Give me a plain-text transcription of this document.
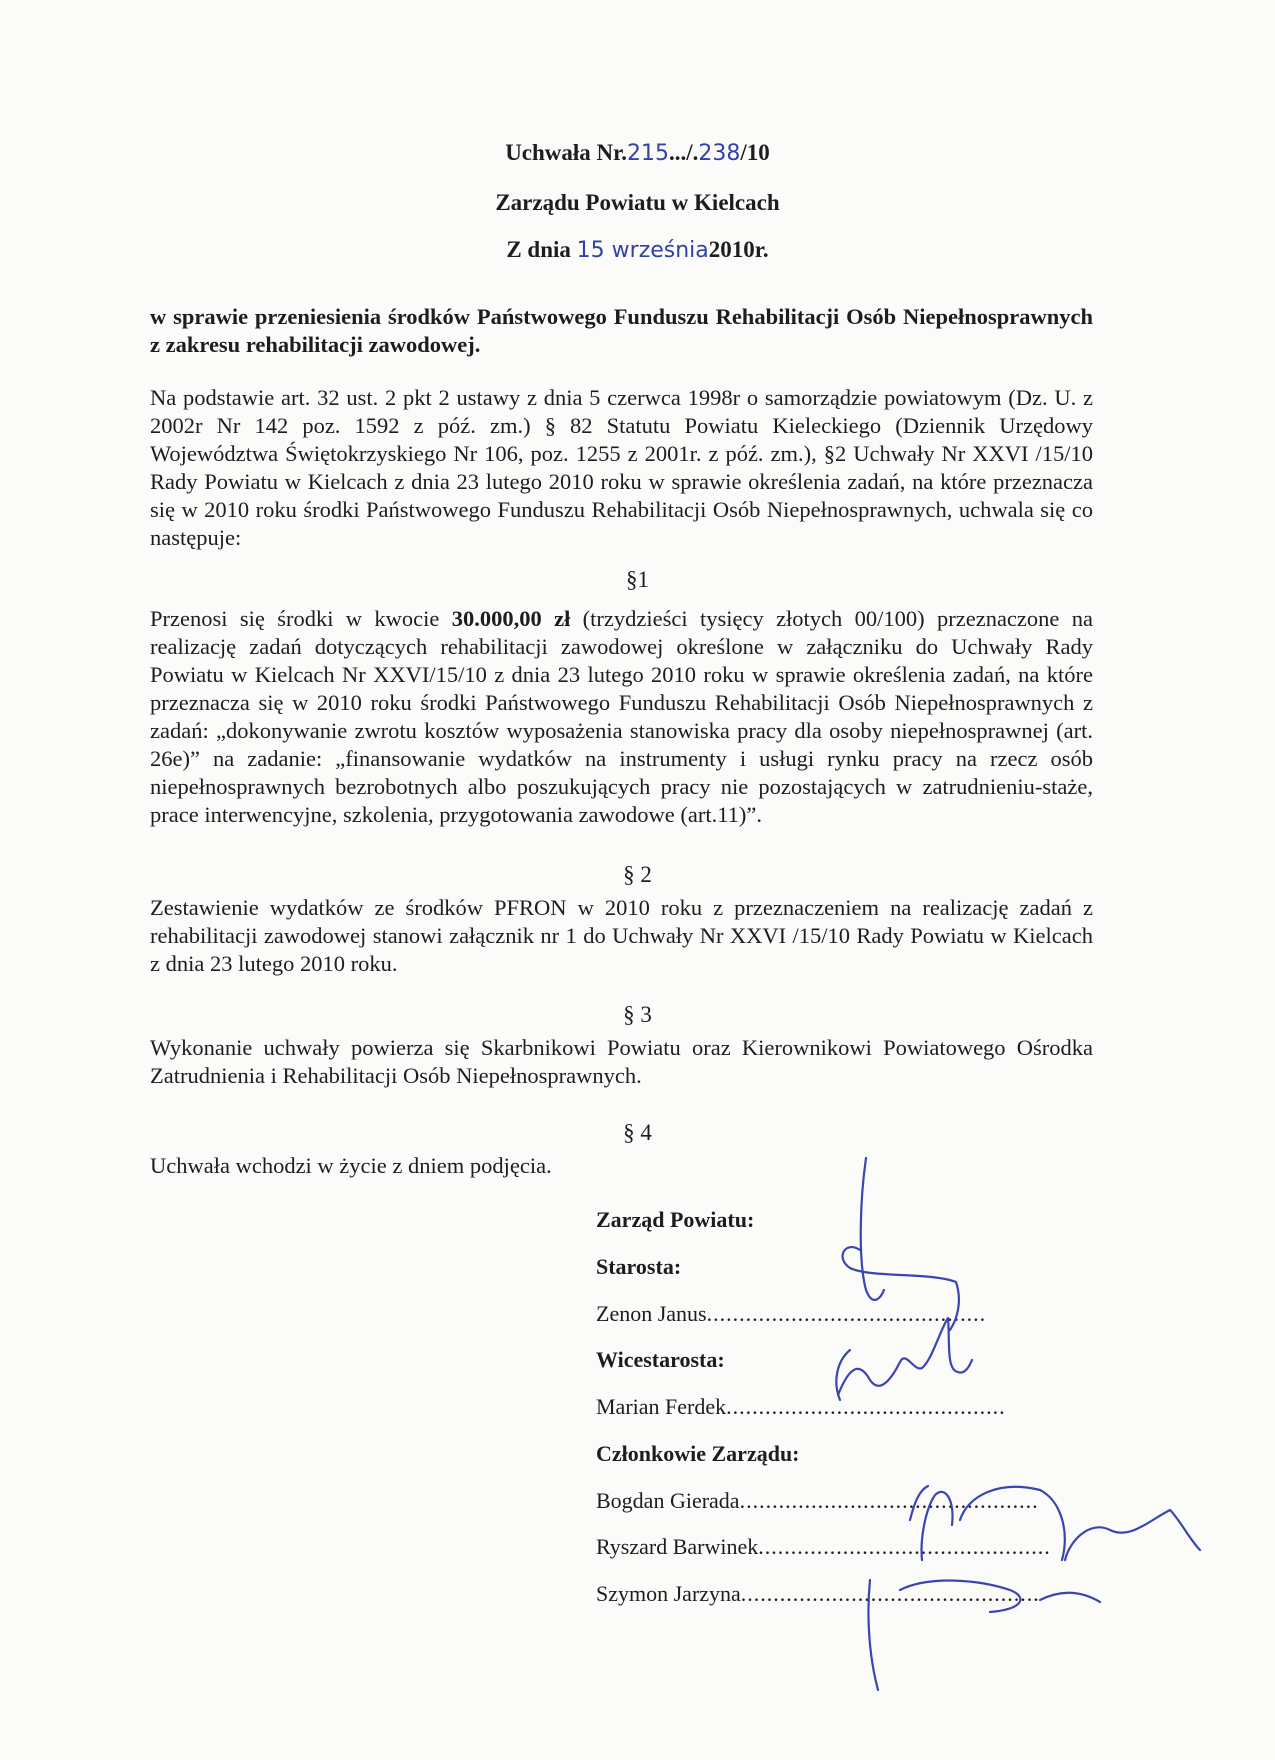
Uchwała Nr.215.../.238/10
Zarządu Powiatu w Kielcach
Z dnia 15 września2010r.
w sprawie przeniesienia środków Państwowego Funduszu Rehabilitacji Osób Niepełnosprawnych z zakresu rehabilitacji zawodowej.
Na podstawie art. 32 ust. 2 pkt 2 ustawy z dnia 5 czerwca 1998r o samorządzie powiatowym (Dz. U. z 2002r Nr 142 poz. 1592 z póź. zm.) § 82 Statutu Powiatu Kieleckiego (Dziennik Urzędowy Województwa Świętokrzyskiego Nr 106, poz. 1255 z 2001r. z póź. zm.), §2 Uchwały Nr XXVI /15/10 Rady Powiatu w Kielcach z dnia 23 lutego 2010 roku w sprawie określenia zadań, na które przeznacza się w 2010 roku środki Państwowego Funduszu Rehabilitacji Osób Niepełnosprawnych, uchwala się co następuje:
§1
Przenosi się środki w kwocie 30.000,00 zł (trzydzieści tysięcy złotych 00/100) przeznaczone na realizację zadań dotyczących rehabilitacji zawodowej określone w załączniku do Uchwały Rady Powiatu w Kielcach Nr XXVI/15/10 z dnia 23 lutego 2010 roku w sprawie określenia zadań, na które przeznacza się w 2010 roku środki Państwowego Funduszu Rehabilitacji Osób Niepełnosprawnych z zadań: „dokonywanie zwrotu kosztów wyposażenia stanowiska pracy dla osoby niepełnosprawnej (art. 26e)” na zadanie: „finansowanie wydatków na instrumenty i usługi rynku pracy na rzecz osób niepełnosprawnych bezrobotnych albo poszukujących pracy nie pozostających w zatrudnieniu-staże, prace interwencyjne, szkolenia, przygotowania zawodowe (art.11)”.
§ 2
Zestawienie wydatków ze środków PFRON w 2010 roku z przeznaczeniem na realizację zadań z rehabilitacji zawodowej stanowi załącznik nr 1 do Uchwały Nr XXVI /15/10 Rady Powiatu w Kielcach z dnia 23 lutego 2010 roku.
§ 3
Wykonanie uchwały powierza się Skarbnikowi Powiatu oraz Kierownikowi Powiatowego Ośrodka Zatrudnienia i Rehabilitacji Osób Niepełnosprawnych.
§ 4
Uchwała wchodzi w życie z dniem podjęcia.
Zarząd Powiatu:
Starosta:
Zenon Janus...........................................
Wicestarosta:
Marian Ferdek...........................................
Członkowie Zarządu:
Bogdan Gierada..............................................
Ryszard Barwinek.............................................
Szymon Jarzyna..............................................
